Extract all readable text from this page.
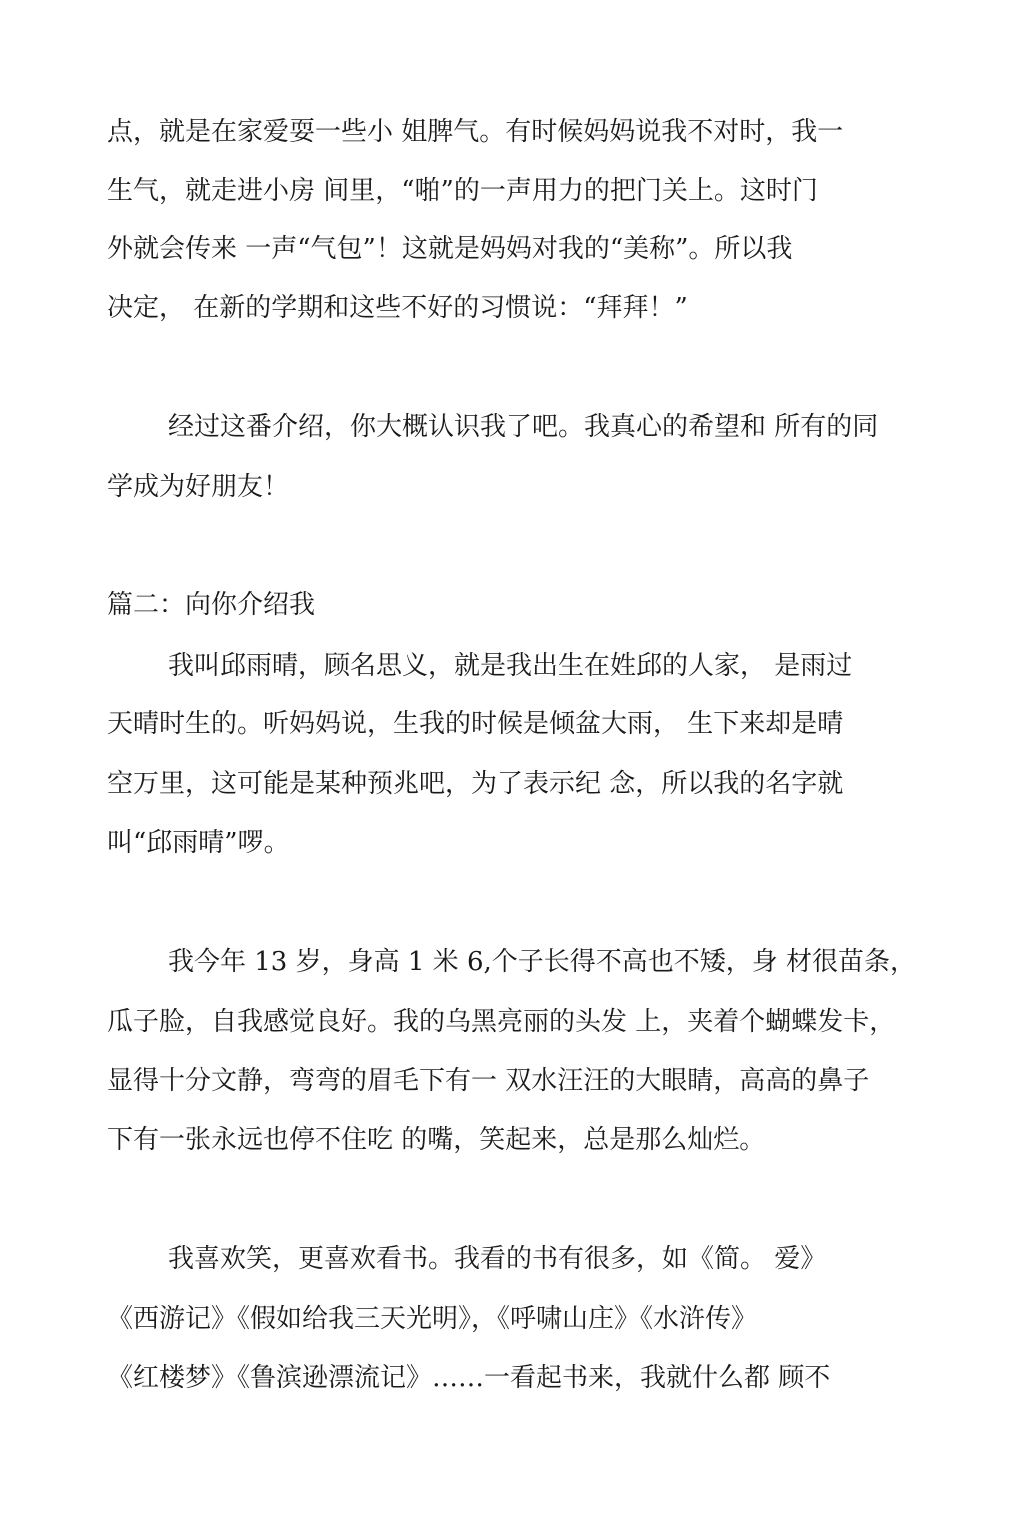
点，就是在家爱耍一些小 姐脾气。有时候妈妈说我不对时，我一
生气，就走进小房 间里，“啪”的一声用力的把门关上。这时门
外就会传来 一声“气包”！这就是妈妈对我的“美称”。所以我
决定， 在新的学期和这些不好的习惯说：“拜拜！”
经过这番介绍，你大概认识我了吧。我真心的希望和 所有的同
学成为好朋友！
篇二：向你介绍我
我叫邱雨晴，顾名思义，就是我出生在姓邱的人家， 是雨过
天晴时生的。听妈妈说，生我的时候是倾盆大雨， 生下来却是晴
空万里，这可能是某种预兆吧，为了表示纪 念，所以我的名字就
叫“邱雨晴”啰。
我今年 13 岁，身高 1 米 6,个子长得不高也不矮，身 材很苗条，
瓜子脸，自我感觉良好。我的乌黑亮丽的头发 上，夹着个蝴蝶发卡，
显得十分文静，弯弯的眉毛下有一 双水汪汪的大眼睛，高高的鼻子
下有一张永远也停不住吃 的嘴，笑起来，总是那么灿烂。
我喜欢笑，更喜欢看书。我看的书有很多，如《简。 爱》
《西游记》《假如给我三天光明》，《呼啸山庄》《水浒传》
《红楼梦》《鲁滨逊漂流记》……一看起书来，我就什么都 顾不
